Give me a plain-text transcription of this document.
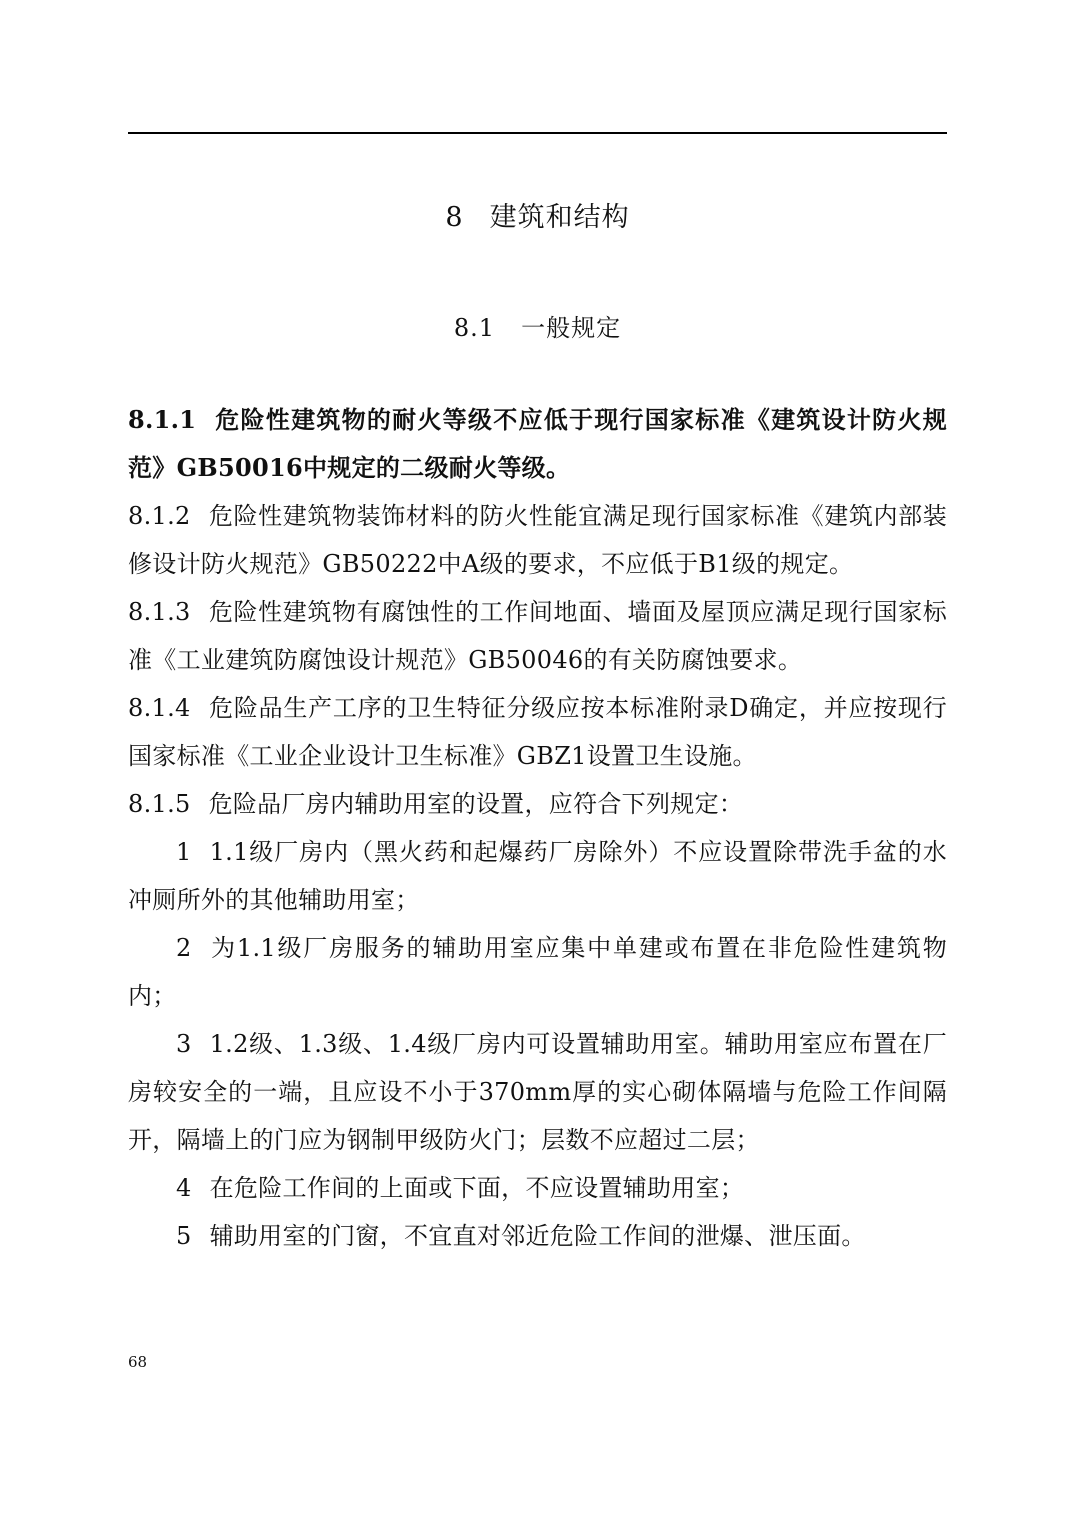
8 建筑和结构
8.1 一般规定

8.1.1 危险性建筑物的耐火等级不应低于现行国家标准《建筑设计防火规范》GB50016中规定的二级耐火等级。

8.1.2 危险性建筑物装饰材料的防火性能宜满足现行国家标准《建筑内部装修设计防火规范》GB50222中A级的要求，不应低于B1级的规定。

8.1.3 危险性建筑物有腐蚀性的工作间地面、墙面及屋顶应满足现行国家标准《工业建筑防腐蚀设计规范》GB50046的有关防腐蚀要求。

8.1.4 危险品生产工序的卫生特征分级应按本标准附录D确定，并应按现行国家标准《工业企业设计卫生标准》GBZ1设置卫生设施。

8.1.5 危险品厂房内辅助用室的设置，应符合下列规定：

1 1.1级厂房内（黑火药和起爆药厂房除外）不应设置除带洗手盆的水冲厕所外的其他辅助用室；

2 为1.1级厂房服务的辅助用室应集中单建或布置在非危险性建筑物内；

3 1.2级、1.3级、1.4级厂房内可设置辅助用室。辅助用室应布置在厂房较安全的一端，且应设不小于370mm厚的实心砌体隔墙与危险工作间隔开，隔墙上的门应为钢制甲级防火门；层数不应超过二层；

4 在危险工作间的上面或下面，不应设置辅助用室；

5 辅助用室的门窗，不宜直对邻近危险工作间的泄爆、泄压面。

68
